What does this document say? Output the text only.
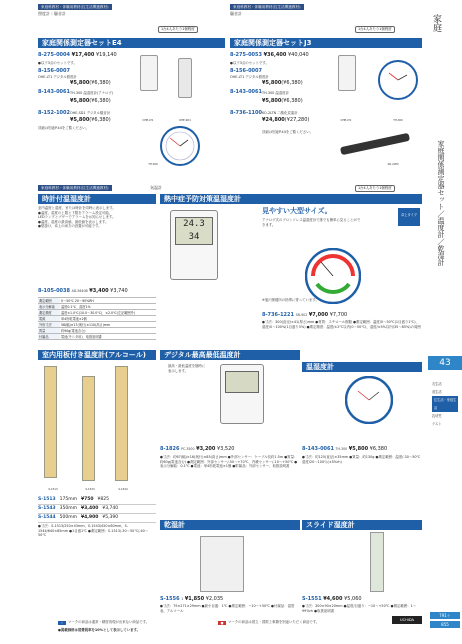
家庭科教材・体験用教材(住生活関連教材)
照度計｜騒音計
1台4人あたり1個程度
家庭関係測定器セットE4
8-275-0004 ¥17,400 ¥19,140
●以下3点のセットです。
8-156-0007
OHE-LT1 デジタル照度計
¥5,800(¥6,380)
8-143-0061 TH-300 温湿度計(アナログ)
¥5,800(¥6,380)
8-152-1002 OHE-SD1 デジタル騒音計
¥5,800(¥6,380)
詳細は別途P.44をご覧ください。
OHE-LT1	OHE-SD1
TH-300
家庭科教材・体験用教材(住生活関連教材)
騒音計
1台4人あたり1個程度
家庭関係測定器セットJ3
8-275-0053 ¥36,400 ¥40,040
●以下3点のセットです。
8-156-0007
OHE-LT1 デジタル照度計
¥5,800(¥6,380)
8-143-0061 TH-300 温湿度計
¥5,800(¥6,380)
8-736-1100 KO-2LTN 二酸化炭素計
¥24,800(¥27,280)
詳細は別途P.44をご覧ください。
OHE-LT1	TH-300
KO-2LTN
家庭科教材・体験用教材(住生活関連教材)	気温計	1台4人あたり1個程度
時計付温湿度計
室内温度と湿度、または時計を同時に表示します。
●温度、湿度の上限と下限をアラーム設定可能。
LEDランプとブザーでアラームをお知らせします。
●温度、湿度の最高値、最低値を表示します。
●壁掛け、卓上の両方の設置が可能です。	24.3
34
8-105-0038 AD-5640B ¥3,400 ¥3,740
測定範囲	0〜50℃ 20〜90%RH
表示分解能	温度0.1℃、湿度1%
測定精度	温度±1.0℃(10.0〜30.0℃)、±2.0℃(左記範囲外)
電源	単4形乾電池×2個
外形寸法	58(幅)×17(奥行)×110(高さ)mm
質量	約90g(電池含む)
付属品	電池(モニタ用)、取扱説明書
熱中症予防対策温湿度計
見やすい大型サイズ。
アナログ式のブロンドレス温湿度計で誰でも簡単に見ることができます。
卓上タイプ
※旭川保健所の指導に寄っています。
8-736-1221 SN-902 ¥7,000 ¥7,700
●寸法：300(直径)×41(厚さ)mm ●材質：スチロール樹脂 ●測定範囲：温度/0〜50℃(1目盛り1℃)、湿度/0〜100%(1目盛り5%) ●測定精度：温度/±2℃以内(0〜50℃)、湿度/±5%以内(35〜85%)の周囲
室内用板付き温度計(アルコール)	デジタル最高最低温度計
温湿度計
S-1513	S-1543	S-1544
S-1513 175mm ¥750 ¥825
S-1543 350mm ¥3,400 ¥3,740
S-1544 500mm ¥4,900 ¥5,390
●寸法：S-1513/250×43mm、S-1543/450×80mm、S-1544/640×85mm ●1目盛1℃ ●測定範囲：S-1513/-30〜50℃/-40〜50℃
最高・最低温度を随時に表示します。
8-1826 PC-3500 ¥3,200 ¥3,520
●寸法：約67(幅)×16(奥行)×85(高さ)mm ●外部センサー：ケーブル長約1.5m ●質量：約60g(電池含む) ●測定範囲：外部センサー/-50〜+70℃、内蔵センサー/-10〜+50℃ ●表示分解能：0.1℃ ●電池：単4形乾電池×1個 ●附属品：外部センサー、取扱説明書
8-143-0061 TH-300 ¥5,800 ¥6,380
●寸法：約125(直径)×35mm ●質量：約130g ●測定範囲：温度/-30〜50℃ 湿度/20〜100％(±5%rh)
乾湿計	スライド湿度計
S-1556 1 ¥1,850 ¥2,035
●寸法：79×271×29mm ●最小目盛：1℃ ●測定範囲：−10〜+50℃ ●付属品：湿度表、アルコール
S-1551 ¥4,600 ¥5,060
●寸法：300×90×20mm ●温度/目盛り：−10〜+50℃ ●測定範囲：1〜99%rh ●取扱説明書
!	マークの商品は通常・精度再現が出来ない商品です。	■	マークの商品は国立・国際工事費を別途いただく商品です。
●掲載価格は消費税率を10%として表示しています。
UCHIDA
家庭
家庭関係測定器セット／温度計／乾湿計
43
衣生活
食生活
住生活・家庭生活
乳幼児
テスト
791＋
855
